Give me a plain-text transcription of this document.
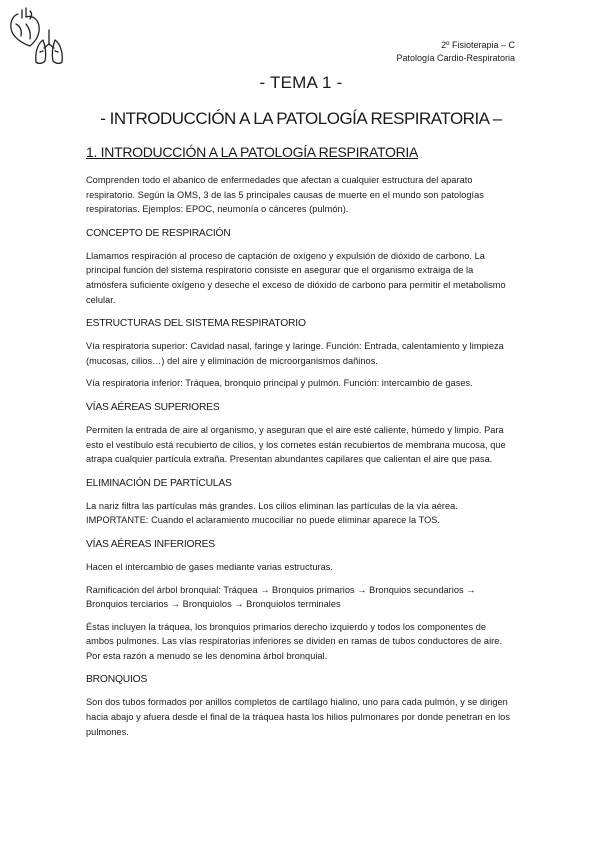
2º Fisioterapia – C
Patología Cardio-Respiratoria
- TEMA 1 -
- INTRODUCCIÓN A LA PATOLOGÍA RESPIRATORIA –
1. INTRODUCCIÓN A LA PATOLOGÍA RESPIRATORIA

Comprenden todo el abanico de enfermedades que afectan a cualquier estructura del aparato respiratorio. Según la OMS, 3 de las 5 principales causas de muerte en el mundo son patologías respiratorias. Ejemplos: EPOC, neumonía o cánceres (pulmón).

CONCEPTO DE RESPIRACIÓN

Llamamos respiración al proceso de captación de oxígeno y expulsión de dióxido de carbono. La principal función del sistema respiratorio consiste en asegurar que el organismo extraiga de la atmósfera suficiente oxígeno y deseche el exceso de dióxido de carbono para permitir el metabolismo celular.

ESTRUCTURAS DEL SISTEMA RESPIRATORIO

Vía respiratoria superior: Cavidad nasal, faringe y laringe. Función: Entrada, calentamiento y limpieza (mucosas, cilios…) del aire y eliminación de microorganismos dañinos.

Vía respiratoria inferior: Tráquea, bronquio principal y pulmón. Función: intercambio de gases.

VÍAS AÉREAS SUPERIORES

Permiten la entrada de aire al organismo, y aseguran que el aire esté caliente, húmedo y limpio. Para esto el vestíbulo está recubierto de cilios, y los cornetes están recubiertos de membrana mucosa, que atrapa cualquier partícula extraña. Presentan abundantes capilares que calientan el aire que pasa.

ELIMINACIÓN DE PARTÍCULAS

La nariz filtra las partículas más grandes. Los cilios eliminan las partículas de la vía aérea.
IMPORTANTE: Cuando el aclaramiento mucociliar no puede eliminar aparece la TOS.

VÍAS AÉREAS INFERIORES

Hacen el intercambio de gases mediante varias estructuras.

Ramificación del árbol bronquial: Tráquea → Bronquios primarios → Bronquios secundarios → Bronquios terciarios → Bronquiolos → Bronquiolos terminales

Éstas incluyen la tráquea, los bronquios primarios derecho izquierdo y todos los componentes de ambos pulmones. Las vías respiratorias inferiores se dividen en ramas de tubos conductores de aire. Por esta razón a menudo se les denomina árbol bronquial.

BRONQUIOS

Son dos tubos formados por anillos completos de cartílago hialino, uno para cada pulmón, y se dirigen hacia abajo y afuera desde el final de la tráquea hasta los hilios pulmonares por donde penetran en los pulmones.
